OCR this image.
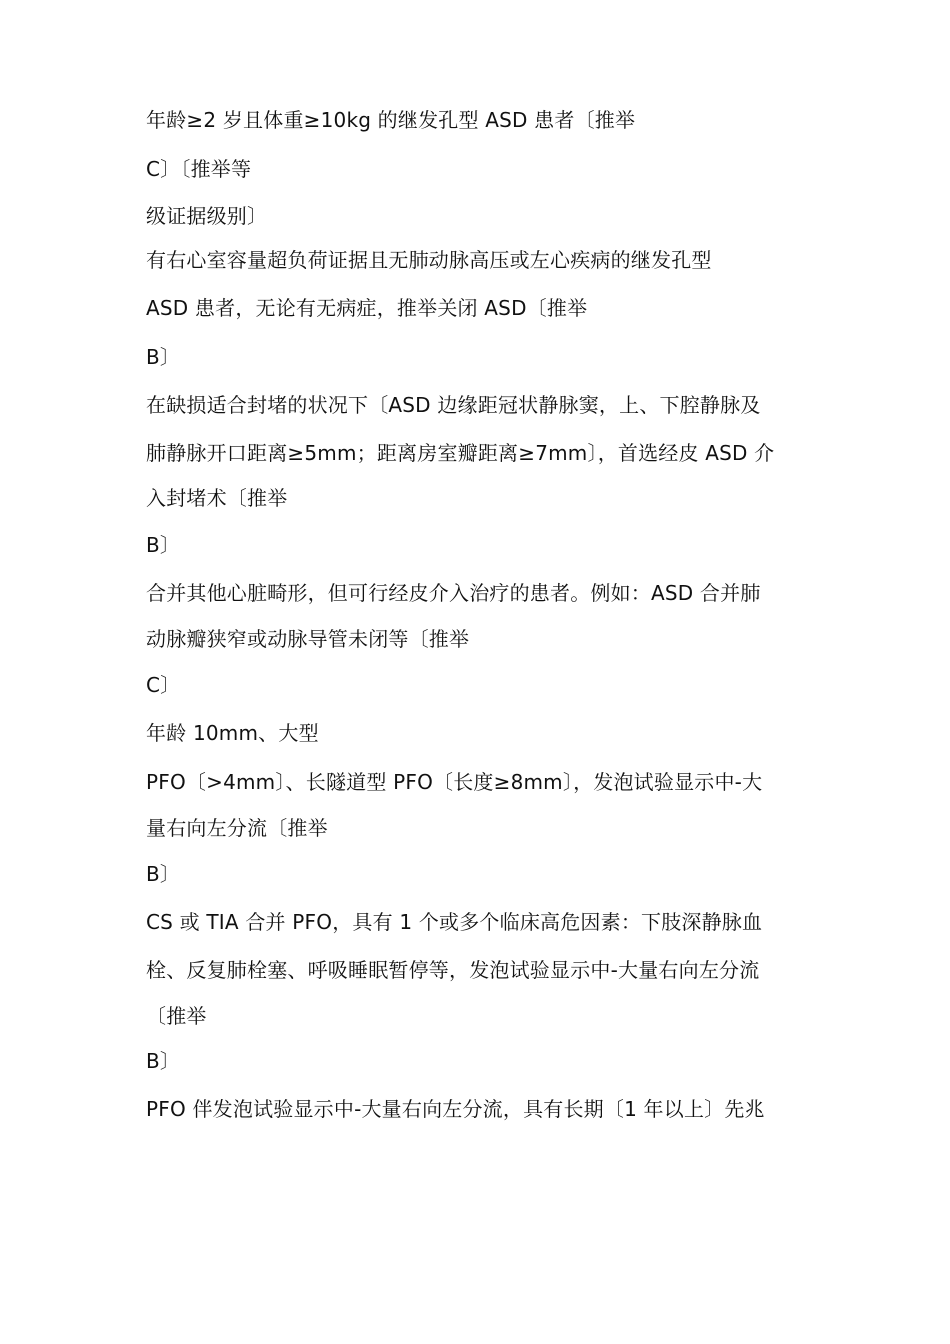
年龄≥2 岁且体重≥10kg 的继发孔型 ASD 患者〔推举
C〕〔推举等
级证据级别〕
有右心室容量超负荷证据且无肺动脉高压或左心疾病的继发孔型
ASD 患者，无论有无病症，推举关闭 ASD〔推举
B〕
在缺损适合封堵的状况下〔ASD 边缘距冠状静脉窦，上、下腔静脉及
肺静脉开口距离≥5mm；距离房室瓣距离≥7mm〕，首选经皮 ASD 介
入封堵术〔推举
B〕
合并其他心脏畸形，但可行经皮介入治疗的患者。例如：ASD 合并肺
动脉瓣狭窄或动脉导管未闭等〔推举
C〕
年龄 10mm、大型
PFO〔>4mm〕、长隧道型 PFO〔长度≥8mm〕，发泡试验显示中-大
量右向左分流〔推举
B〕
CS 或 TIA 合并 PFO，具有 1 个或多个临床高危因素：下肢深静脉血
栓、反复肺栓塞、呼吸睡眠暂停等，发泡试验显示中-大量右向左分流
〔推举
B〕
PFO 伴发泡试验显示中-大量右向左分流，具有长期〔1 年以上〕先兆
